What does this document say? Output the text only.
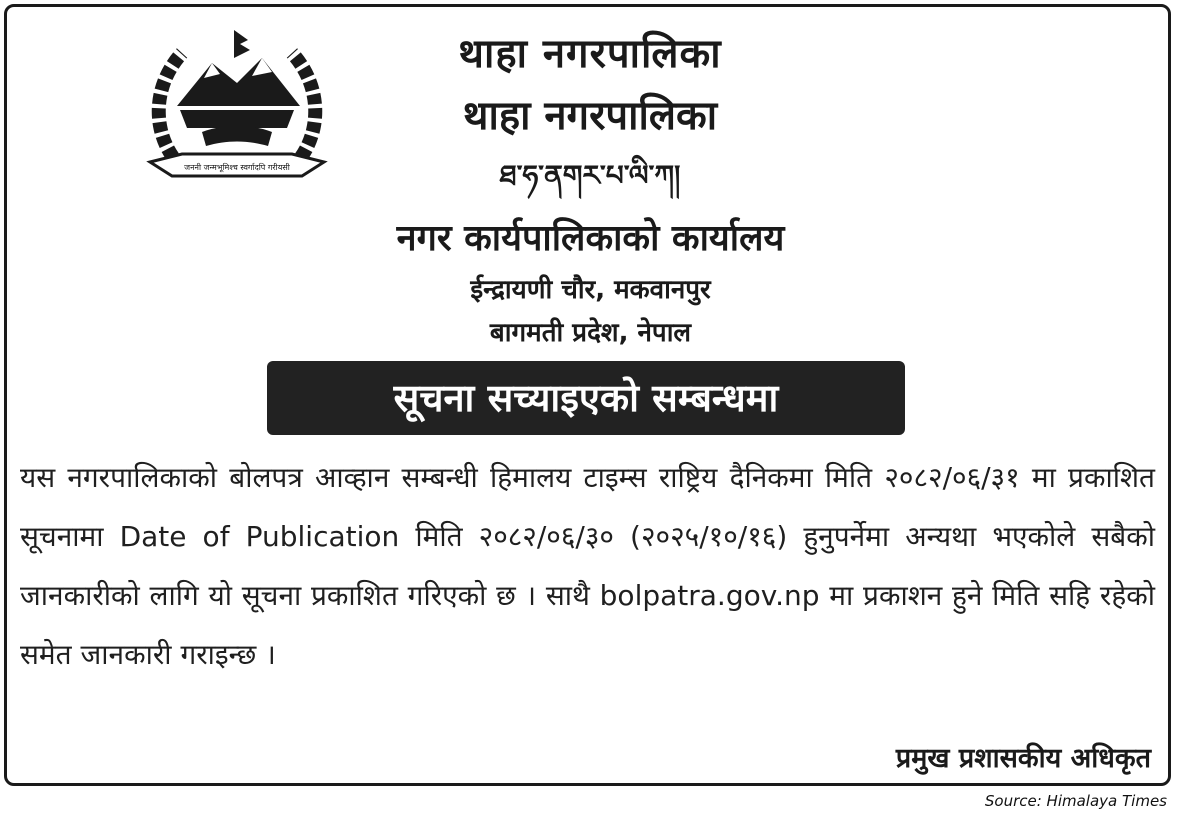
जननी जन्मभूमिश्च स्वर्गादपि गरीयसी
थाहा नगरपालिका
थाहा नगरपालिका
ཐ་ཧ་ནགར་པ་ལི་ཀ།
नगर कार्यपालिकाको कार्यालय
ईन्द्रायणी चौर, मकवानपुर
बागमती प्रदेश, नेपाल
सूचना सच्याइएको सम्बन्धमा
यस नगरपालिकाको बोलपत्र आव्हान सम्बन्धी हिमालय टाइम्स राष्ट्रिय दैनिकमा मिति २०८२/०६/३१ मा प्रकाशित सूचनामा Date of Publication मिति २०८२/०६/३० (२०२५/१०/१६) हुनुपर्नेमा अन्यथा भएकोले सबैको जानकारीको लागि यो सूचना प्रकाशित गरिएको छ । साथै bolpatra.gov.np मा प्रकाशन हुने मिति सहि रहेको समेत जानकारी गराइन्छ ।
प्रमुख प्रशासकीय अधिकृत
Source: Himalaya Times
